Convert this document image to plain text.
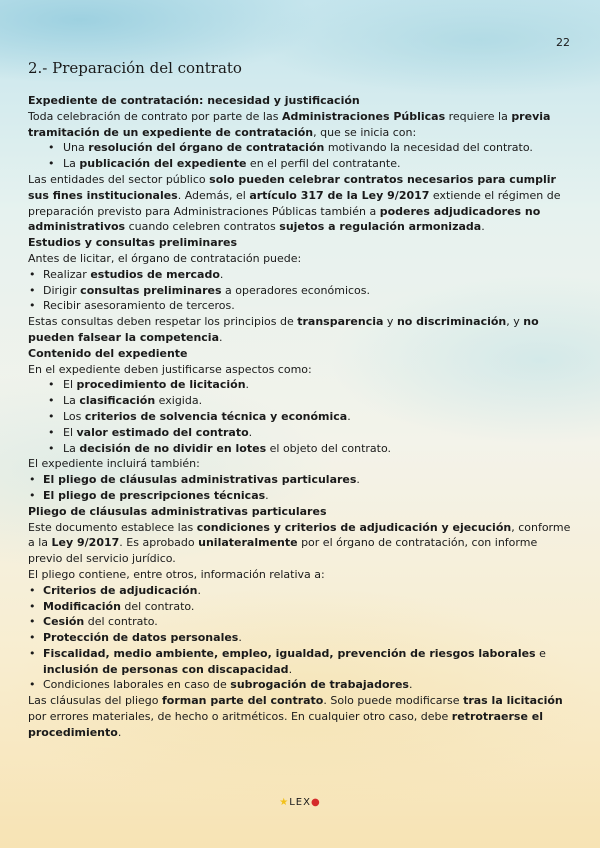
22
2.- Preparación del contrato
Expediente de contratación: necesidad y justificación

Toda celebración de contrato por parte de las Administraciones Públicas requiere la previa tramitación de un expediente de contratación, que se inicia con:

• Una resolución del órgano de contratación motivando la necesidad del contrato.
• La publicación del expediente en el perfil del contratante.

Las entidades del sector público solo pueden celebrar contratos necesarios para cumplir sus fines institucionales. Además, el artículo 317 de la Ley 9/2017 extiende el régimen de preparación previsto para Administraciones Públicas también a poderes adjudicadores no administrativos cuando celebren contratos sujetos a regulación armonizada.

Estudios y consultas preliminares

Antes de licitar, el órgano de contratación puede:

• Realizar estudios de mercado.
• Dirigir consultas preliminares a operadores económicos.
• Recibir asesoramiento de terceros.

Estas consultas deben respetar los principios de transparencia y no discriminación, y no pueden falsear la competencia.

Contenido del expediente

En el expediente deben justificarse aspectos como:

• El procedimiento de licitación.
• La clasificación exigida.
• Los criterios de solvencia técnica y económica.
• El valor estimado del contrato.
• La decisión de no dividir en lotes el objeto del contrato.

El expediente incluirá también:

• El pliego de cláusulas administrativas particulares.
• El pliego de prescripciones técnicas.
Pliego de cláusulas administrativas particulares

Este documento establece las condiciones y criterios de adjudicación y ejecución, conforme a la Ley 9/2017. Es aprobado unilateralmente por el órgano de contratación, con informe previo del servicio jurídico.

El pliego contiene, entre otros, información relativa a:

• Criterios de adjudicación.
• Modificación del contrato.
• Cesión del contrato.
• Protección de datos personales.
• Fiscalidad, medio ambiente, empleo, igualdad, prevención de riesgos laborales e inclusión de personas con discapacidad.
• Condiciones laborales en caso de subrogación de trabajadores.

Las cláusulas del pliego forman parte del contrato. Solo puede modificarse tras la licitación por errores materiales, de hecho o aritméticos. En cualquier otro caso, debe retrotraerse el procedimiento.

★LEX●
